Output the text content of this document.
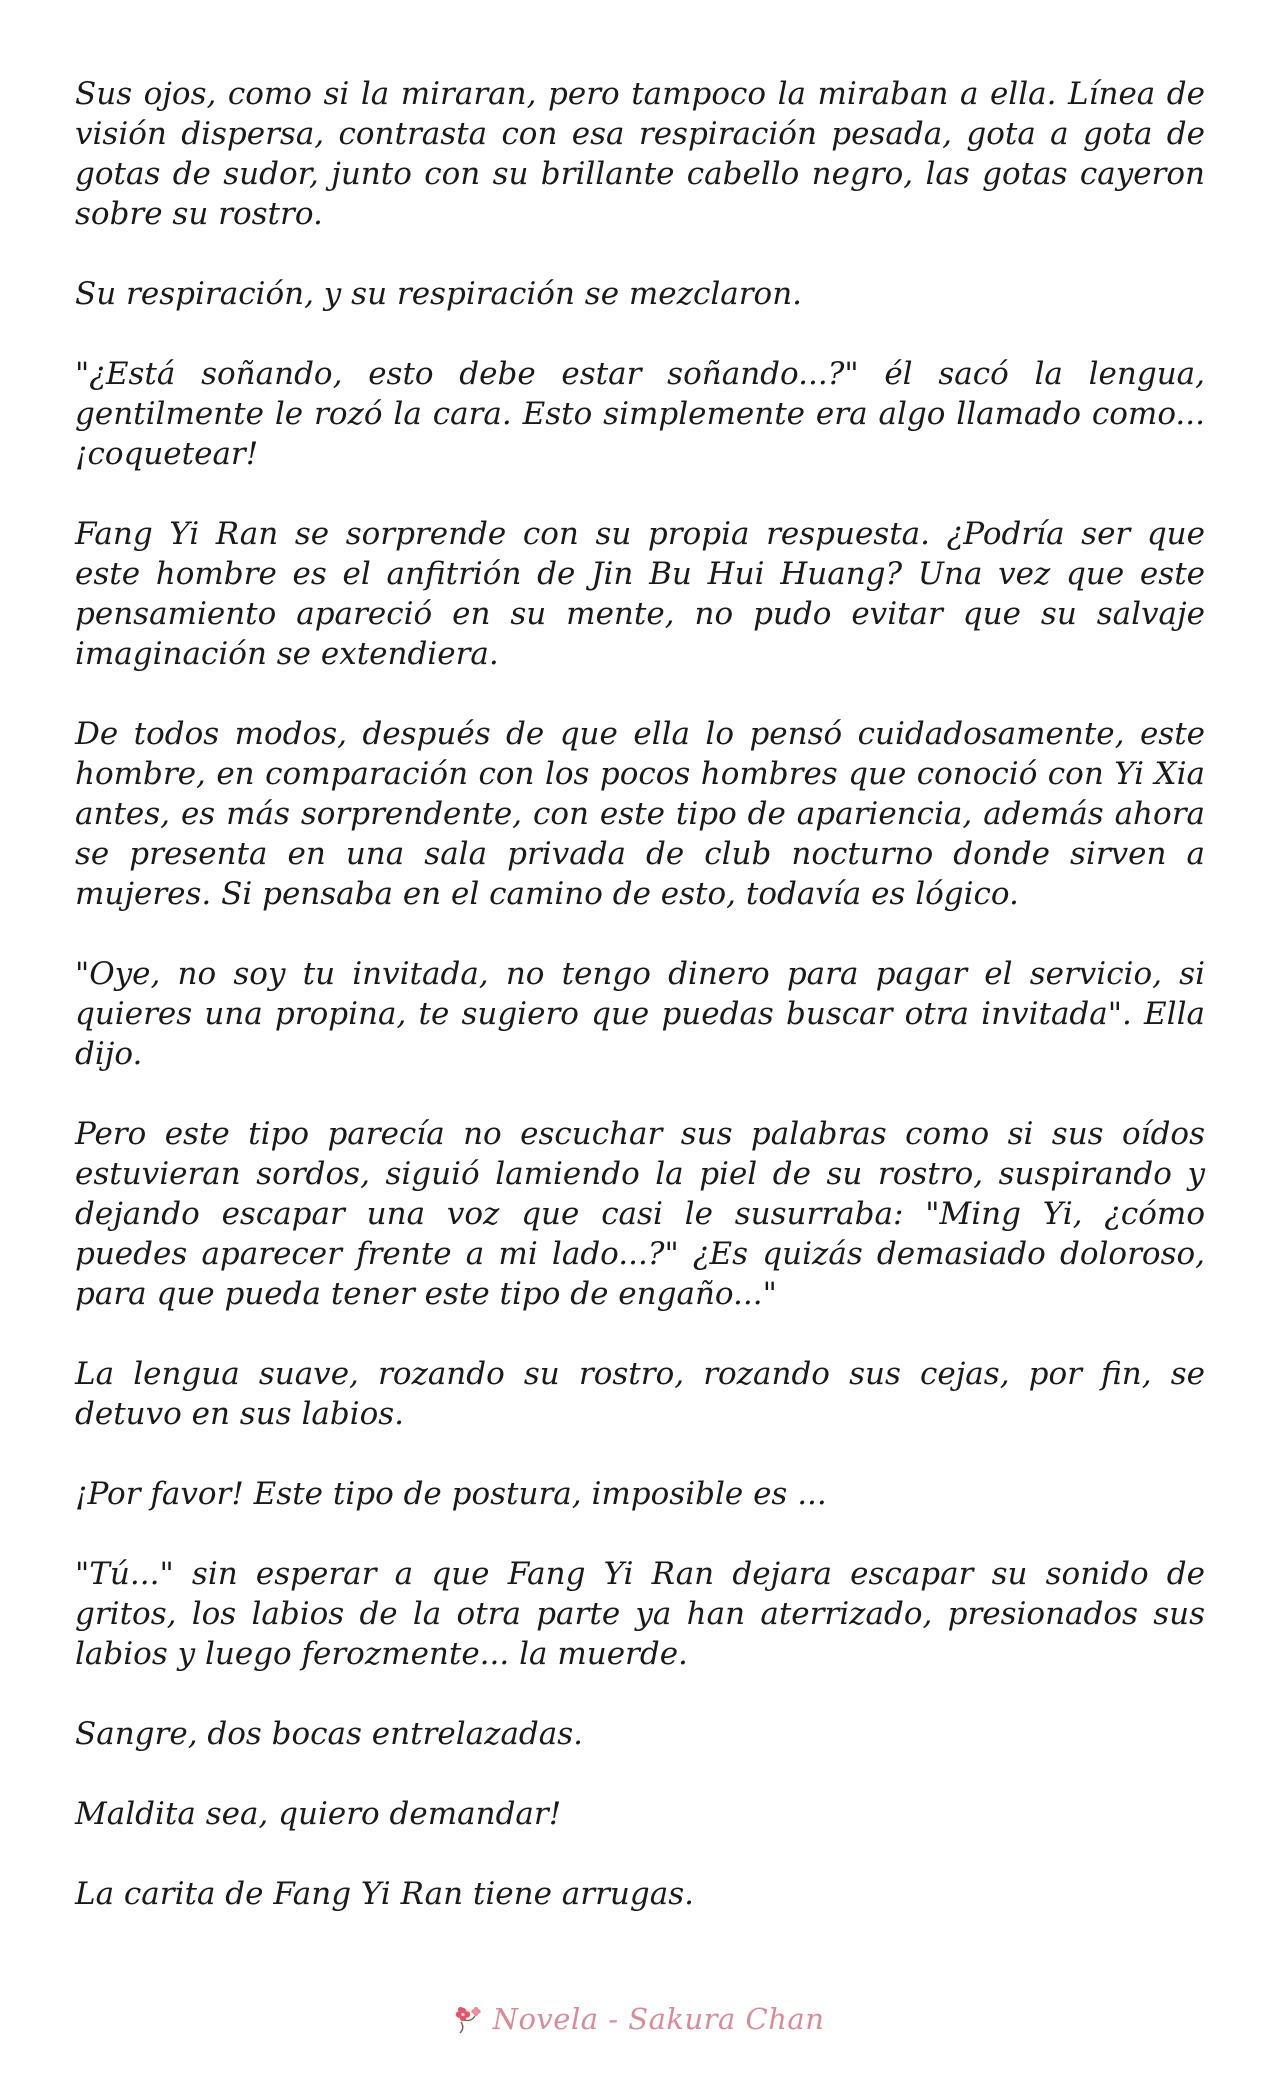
Sus ojos, como si la miraran, pero tampoco la miraban a ella. Línea de visión dispersa, contrasta con esa respiración pesada, gota a gota de gotas de sudor, junto con su brillante cabello negro, las gotas cayeron sobre su rostro.

Su respiración, y su respiración se mezclaron.

"¿Está soñando, esto debe estar soñando...?" él sacó la lengua, gentilmente le rozó la cara. Esto simplemente era algo llamado como... ¡coquetear!

Fang Yi Ran se sorprende con su propia respuesta. ¿Podría ser que este hombre es el anfitrión de Jin Bu Hui Huang? Una vez que este pensamiento apareció en su mente, no pudo evitar que su salvaje imaginación se extendiera.

De todos modos, después de que ella lo pensó cuidadosamente, este hombre, en comparación con los pocos hombres que conoció con Yi Xia antes, es más sorprendente, con este tipo de apariencia, además ahora se presenta en una sala privada de club nocturno donde sirven a mujeres. Si pensaba en el camino de esto, todavía es lógico.

"Oye, no soy tu invitada, no tengo dinero para pagar el servicio, si quieres una propina, te sugiero que puedas buscar otra invitada". Ella dijo.

Pero este tipo parecía no escuchar sus palabras como si sus oídos estuvieran sordos, siguió lamiendo la piel de su rostro, suspirando y dejando escapar una voz que casi le susurraba: "Ming Yi, ¿cómo puedes aparecer frente a mi lado...?" ¿Es quizás demasiado doloroso, para que pueda tener este tipo de engaño..."

La lengua suave, rozando su rostro, rozando sus cejas, por fin, se detuvo en sus labios.

¡Por favor! Este tipo de postura, imposible es ...

"Tú..." sin esperar a que Fang Yi Ran dejara escapar su sonido de gritos, los labios de la otra parte ya han aterrizado, presionados sus labios y luego ferozmente... la muerde.

Sangre, dos bocas entrelazadas.

Maldita sea, quiero demandar!

La carita de Fang Yi Ran tiene arrugas.

Novela - Sakura Chan
